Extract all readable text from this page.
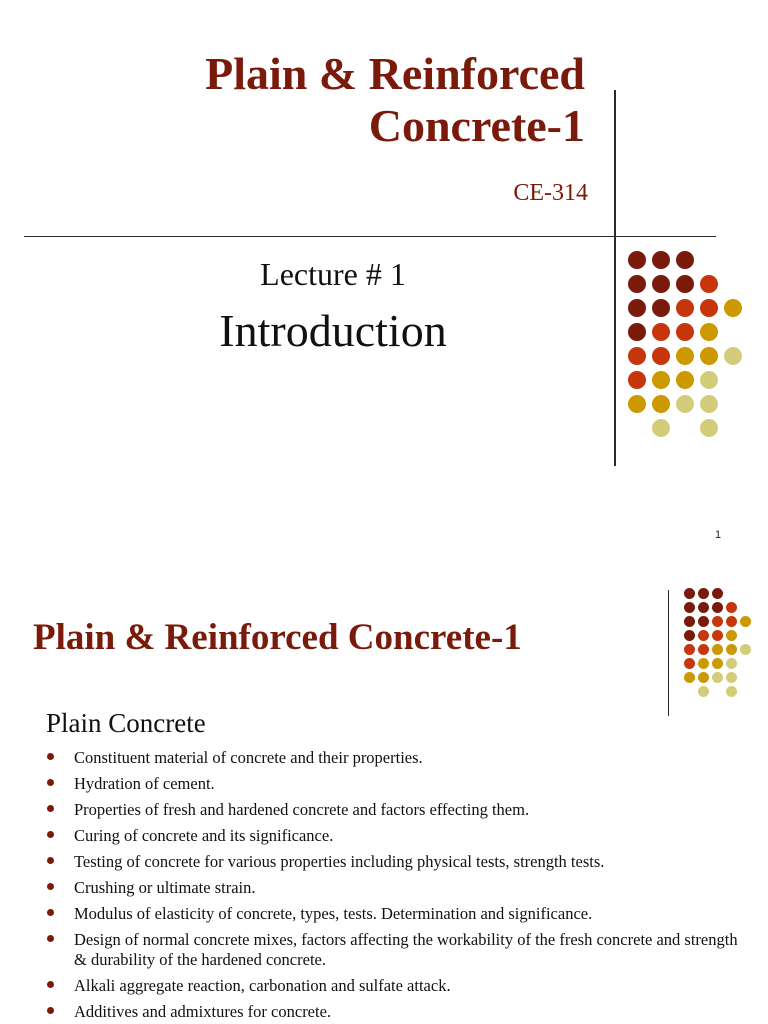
Plain & Reinforced
Concrete-1
CE-314
Lecture # 1
Introduction
1
Plain & Reinforced Concrete-1
Plain Concrete
Constituent material of concrete and their properties.
Hydration of cement.
Properties of fresh and hardened concrete and factors effecting them.
Curing of concrete and its significance.
Testing of concrete for various properties including physical tests, strength tests.
Crushing or ultimate strain.
Modulus of elasticity of concrete, types, tests. Determination and significance.
Design of normal concrete mixes, factors affecting the workability of the fresh concrete and strength & durability of the hardened concrete.
Alkali aggregate reaction, carbonation and sulfate attack.
Additives and admixtures for concrete.
